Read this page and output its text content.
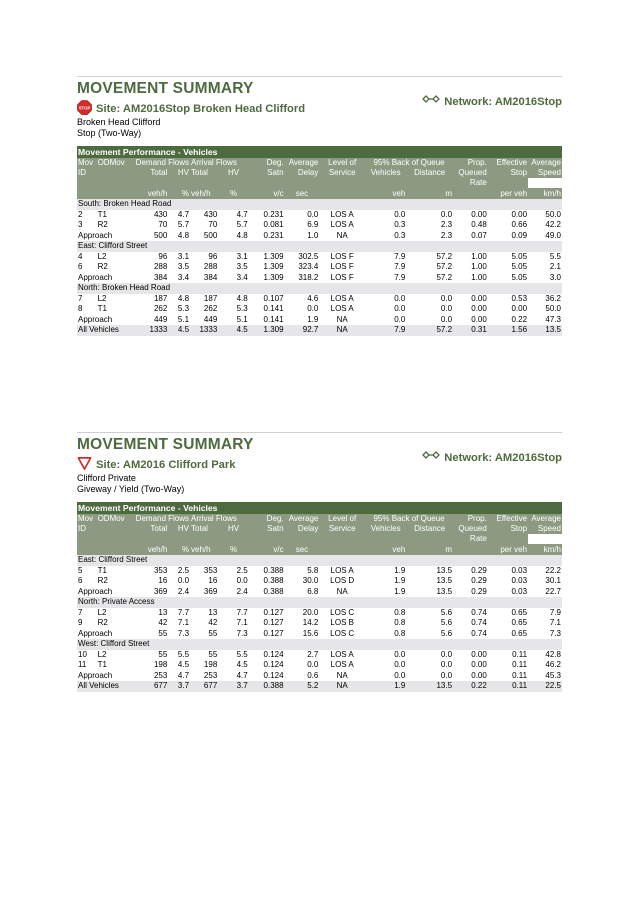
MOVEMENT SUMMARY
STOP Site: AM2016Stop Broken Head Clifford
Network: AM2016Stop
Broken Head Clifford
Stop (Two-Way)
Movement Performance - Vehicles													
Mov	ODMov	Demand Flows		Arrival Flows		Deg.	Average	Level of	95% Back of Queue		Prop.	Effective	Average
ID		Total	HV	Total	HV	Satn	Delay	Service	Vehicles	Distance	Queued	Stop	Speed
											Rate		
		veh/h	%	veh/h	%	v/c	sec		veh	m		per veh	km/h
South: Broken Head Road													
2	T1	430	4.7	430	4.7	0.231	0.0	LOS A	0.0	0.0	0.00	0.00	50.0
3	R2	70	5.7	70	5.7	0.081	6.9	LOS A	0.3	2.3	0.48	0.66	42.2
Approach		500	4.8	500	4.8	0.231	1.0	NA	0.3	2.3	0.07	0.09	49.0
East: Clifford Street													
4	L2	96	3.1	96	3.1	1.309	302.5	LOS F	7.9	57.2	1.00	5.05	5.5
6	R2	288	3.5	288	3.5	1.309	323.4	LOS F	7.9	57.2	1.00	5.05	2.1
Approach		384	3.4	384	3.4	1.309	318.2	LOS F	7.9	57.2	1.00	5.05	3.0
North: Broken Head Road													
7	L2	187	4.8	187	4.8	0.107	4.6	LOS A	0.0	0.0	0.00	0.53	36.2
8	T1	262	5.3	262	5.3	0.141	0.0	LOS A	0.0	0.0	0.00	0.00	50.0
Approach		449	5.1	449	5.1	0.141	1.9	NA	0.0	0.0	0.00	0.22	47.3
All Vehicles		1333	4.5	1333	4.5	1.309	92.7	NA	7.9	57.2	0.31	1.56	13.5
MOVEMENT SUMMARY
Site: AM2016 Clifford Park
Network: AM2016Stop
Clifford Private
Giveway / Yield (Two-Way)
Movement Performance - Vehicles													
Mov	ODMov	Demand Flows		Arrival Flows		Deg.	Average	Level of	95% Back of Queue		Prop.	Effective	Average
ID		Total	HV	Total	HV	Satn	Delay	Service	Vehicles	Distance	Queued	Stop	Speed
											Rate		
		veh/h	%	veh/h	%	v/c	sec		veh	m		per veh	km/h
East: Clifford Street													
5	T1	353	2.5	353	2.5	0.388	5.8	LOS A	1.9	13.5	0.29	0.03	22.2
6	R2	16	0.0	16	0.0	0.388	30.0	LOS D	1.9	13.5	0.29	0.03	30.1
Approach		369	2.4	369	2.4	0.388	6.8	NA	1.9	13.5	0.29	0.03	22.7
North: Private Access													
7	L2	13	7.7	13	7.7	0.127	20.0	LOS C	0.8	5.6	0.74	0.65	7.9
9	R2	42	7.1	42	7.1	0.127	14.2	LOS B	0.8	5.6	0.74	0.65	7.1
Approach		55	7.3	55	7.3	0.127	15.6	LOS C	0.8	5.6	0.74	0.65	7.3
West: Clifford Street													
10	L2	55	5.5	55	5.5	0.124	2.7	LOS A	0.0	0.0	0.00	0.11	42.8
11	T1	198	4.5	198	4.5	0.124	0.0	LOS A	0.0	0.0	0.00	0.11	46.2
Approach		253	4.7	253	4.7	0.124	0.6	NA	0.0	0.0	0.00	0.11	45.3
All Vehicles		677	3.7	677	3.7	0.388	5.2	NA	1.9	13.5	0.22	0.11	22.5
